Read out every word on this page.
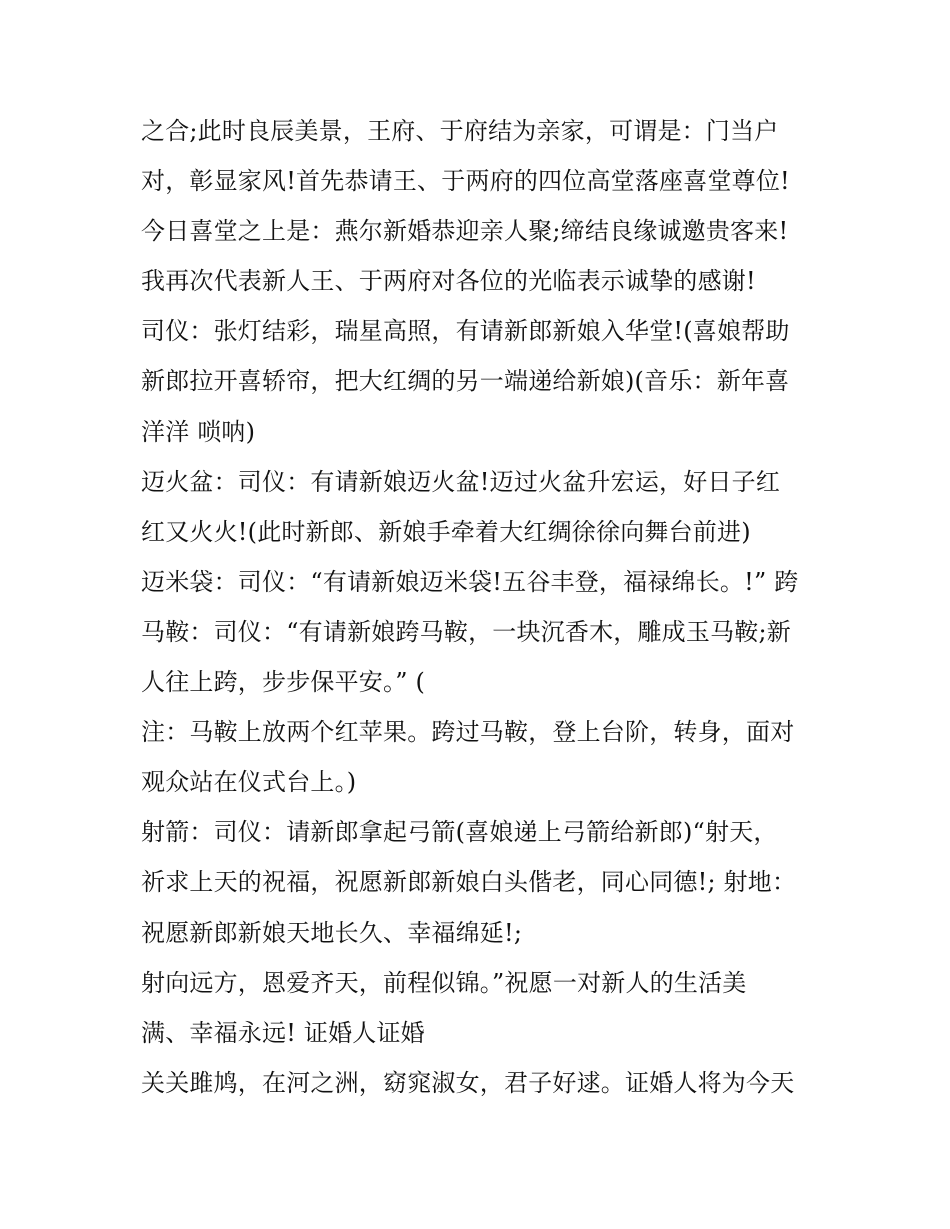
之合;此时良辰美景，王府、于府结为亲家，可谓是：门当户
对，彰显家风!首先恭请王、于两府的四位高堂落座喜堂尊位!
今日喜堂之上是：燕尔新婚恭迎亲人聚;缔结良缘诚邀贵客来!
我再次代表新人王、于两府对各位的光临表示诚挚的感谢!
司仪：张灯结彩，瑞星高照，有请新郎新娘入华堂!(喜娘帮助
新郎拉开喜轿帘，把大红绸的另一端递给新娘)(音乐：新年喜
洋洋 唢呐)
迈火盆：司仪：有请新娘迈火盆!迈过火盆升宏运，好日子红
红又火火!(此时新郎、新娘手牵着大红绸徐徐向舞台前进)
迈米袋：司仪：“有请新娘迈米袋!五谷丰登，福禄绵长。!” 跨
马鞍：司仪：“有请新娘跨马鞍，一块沉香木，雕成玉马鞍;新
人往上跨，步步保平安。” (
注：马鞍上放两个红苹果。跨过马鞍，登上台阶，转身，面对
观众站在仪式台上。)
射箭：司仪：请新郎拿起弓箭(喜娘递上弓箭给新郎)“射天，
祈求上天的祝福，祝愿新郎新娘白头偕老，同心同德!; 射地：
祝愿新郎新娘天地长久、幸福绵延!;
射向远方，恩爱齐天，前程似锦。”祝愿一对新人的生活美
满、幸福永远! 证婚人证婚
关关雎鸠，在河之洲，窈窕淑女，君子好逑。证婚人将为今天
